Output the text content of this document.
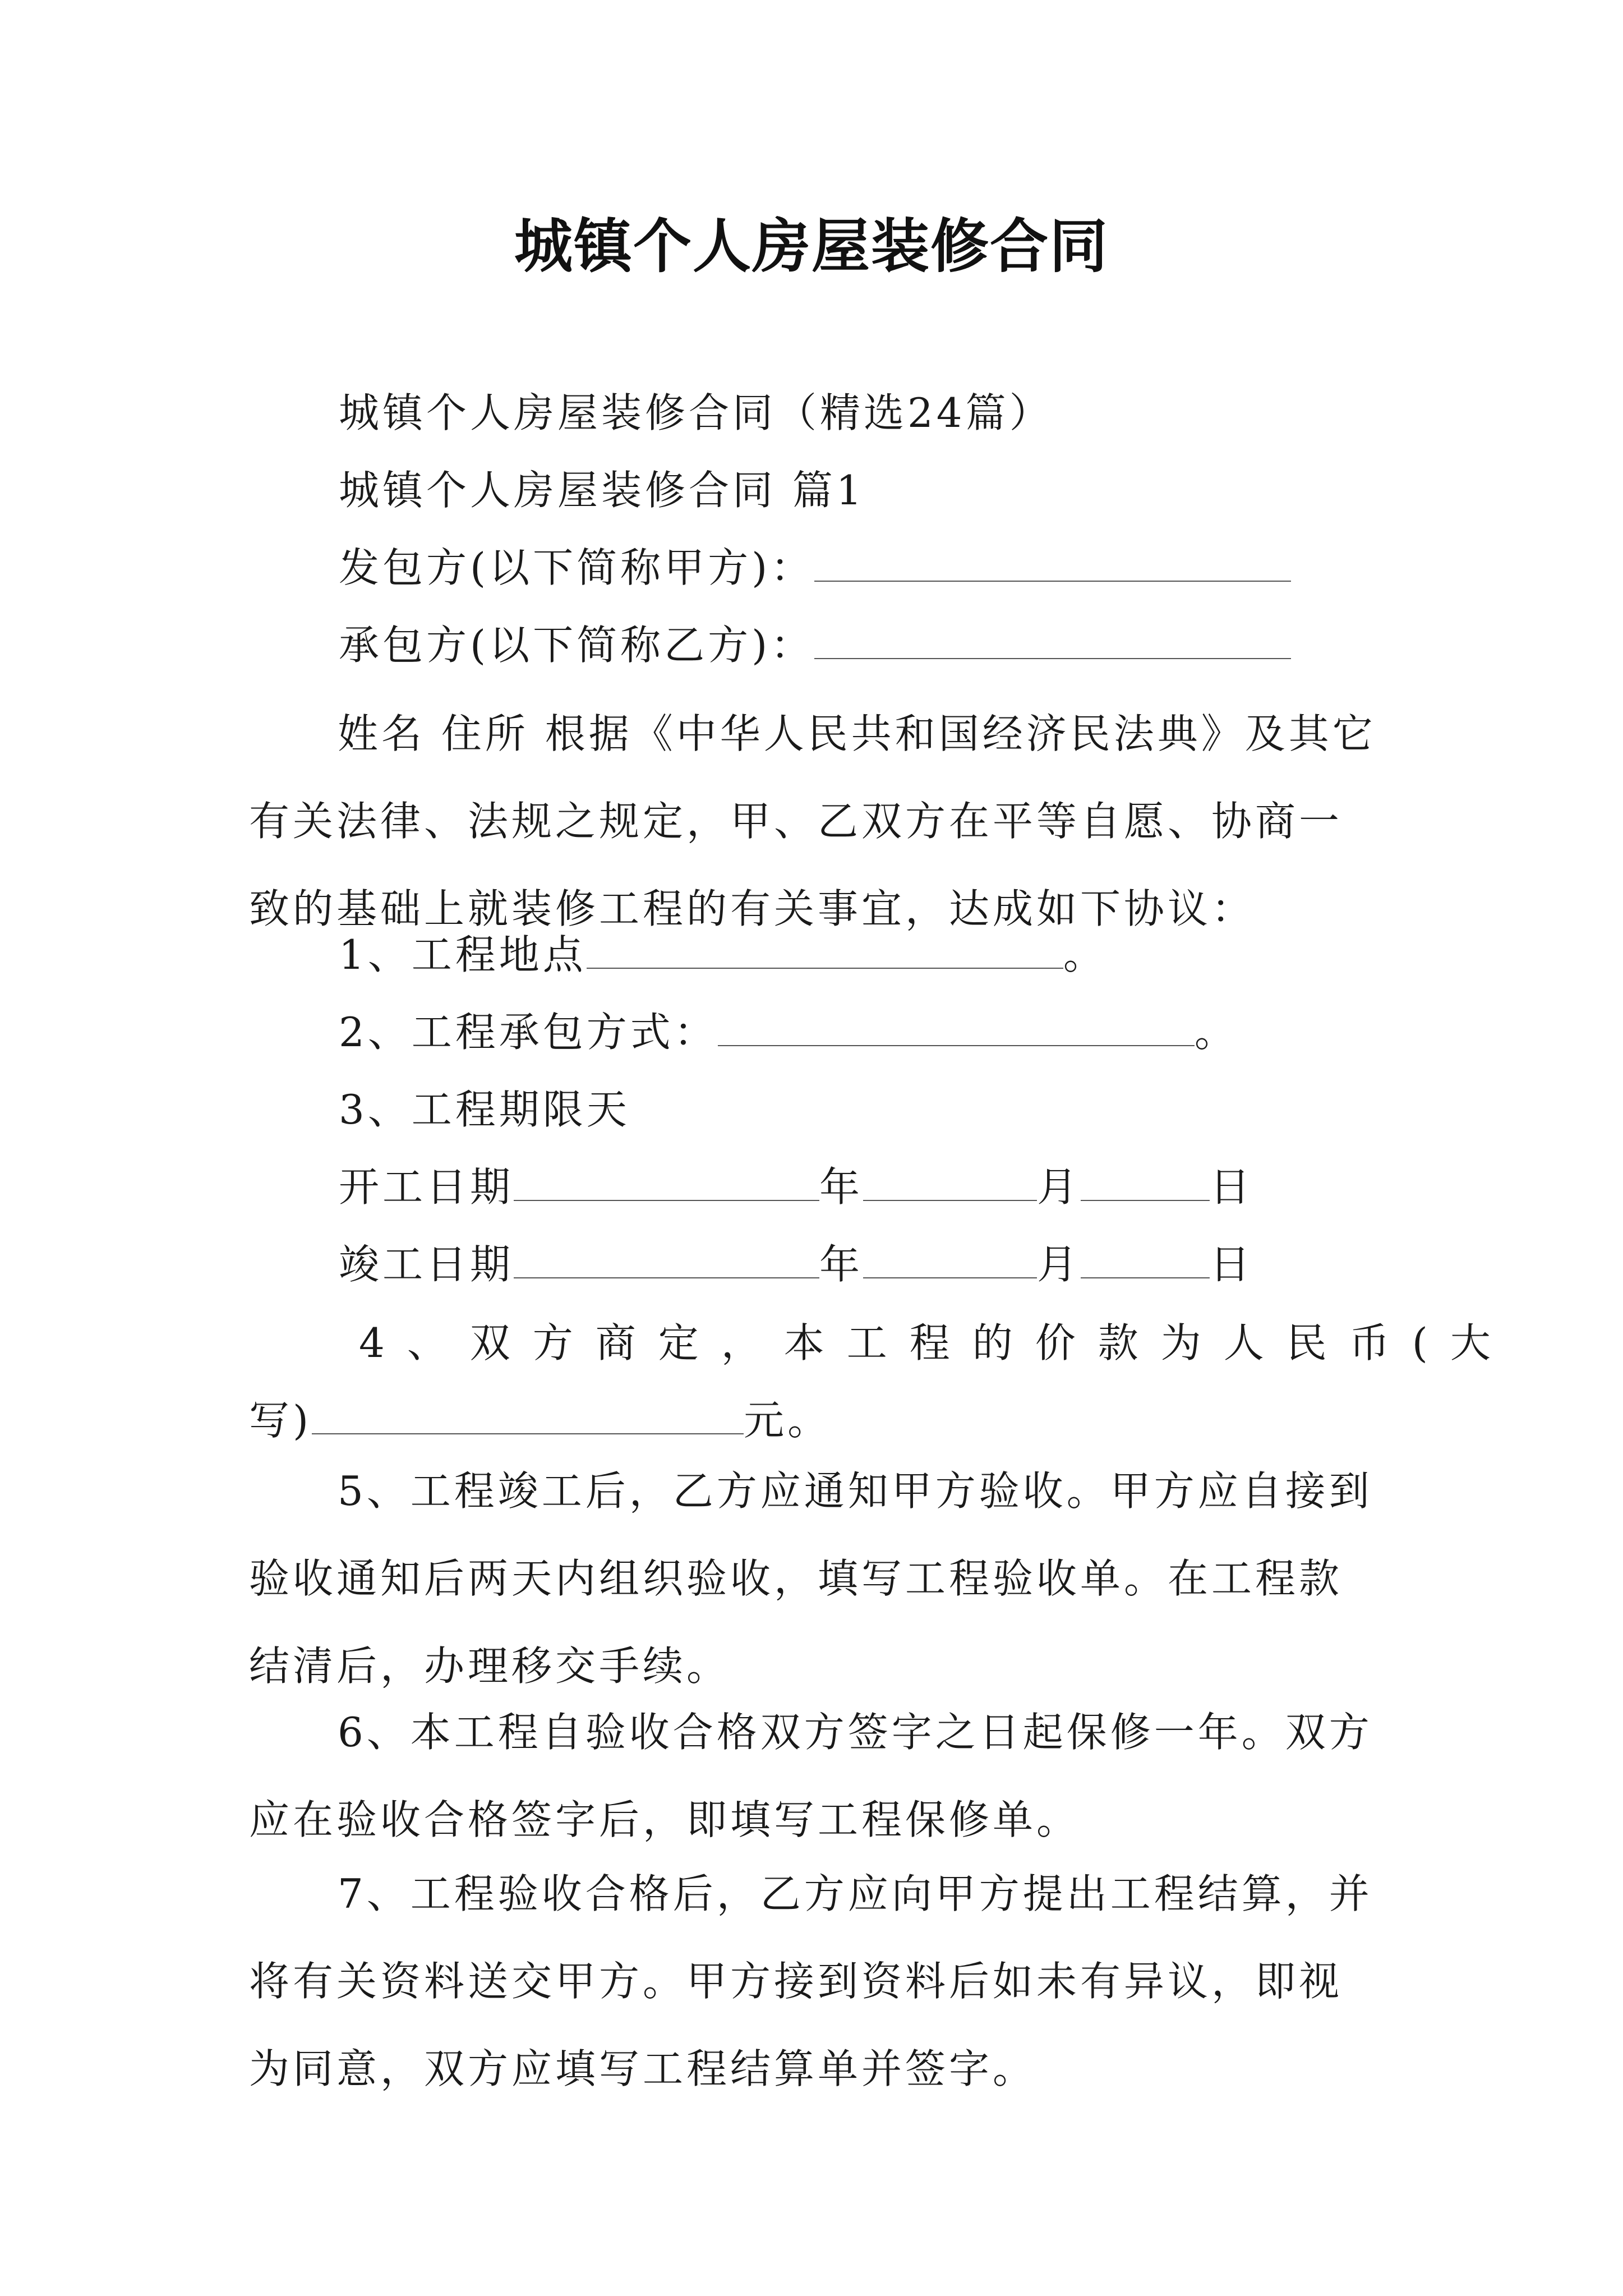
城镇个人房屋装修合同
城镇个人房屋装修合同（精选24篇）
城镇个人房屋装修合同 篇1
发包方(以下简称甲方)：
承包方(以下简称乙方)：
姓名 住所 根据《中华人民共和国经济民法典》及其它有关法律、法规之规定，甲、乙双方在平等自愿、协商一致的基础上就装修工程的有关事宜，达成如下协议：
1、工程地点	。
2、工程承包方式：	。
3、工程期限天
开工日期	年	月	日
竣工日期	年	月	日
4、双方商定，本工程的价款为人民币(大
写)	元。
5、工程竣工后，乙方应通知甲方验收。甲方应自接到验收通知后两天内组织验收，填写工程验收单。在工程款结清后，办理移交手续。
6、本工程自验收合格双方签字之日起保修一年。双方应在验收合格签字后，即填写工程保修单。
7、工程验收合格后，乙方应向甲方提出工程结算，并将有关资料送交甲方。甲方接到资料后如未有异议，即视为同意，双方应填写工程结算单并签字。
